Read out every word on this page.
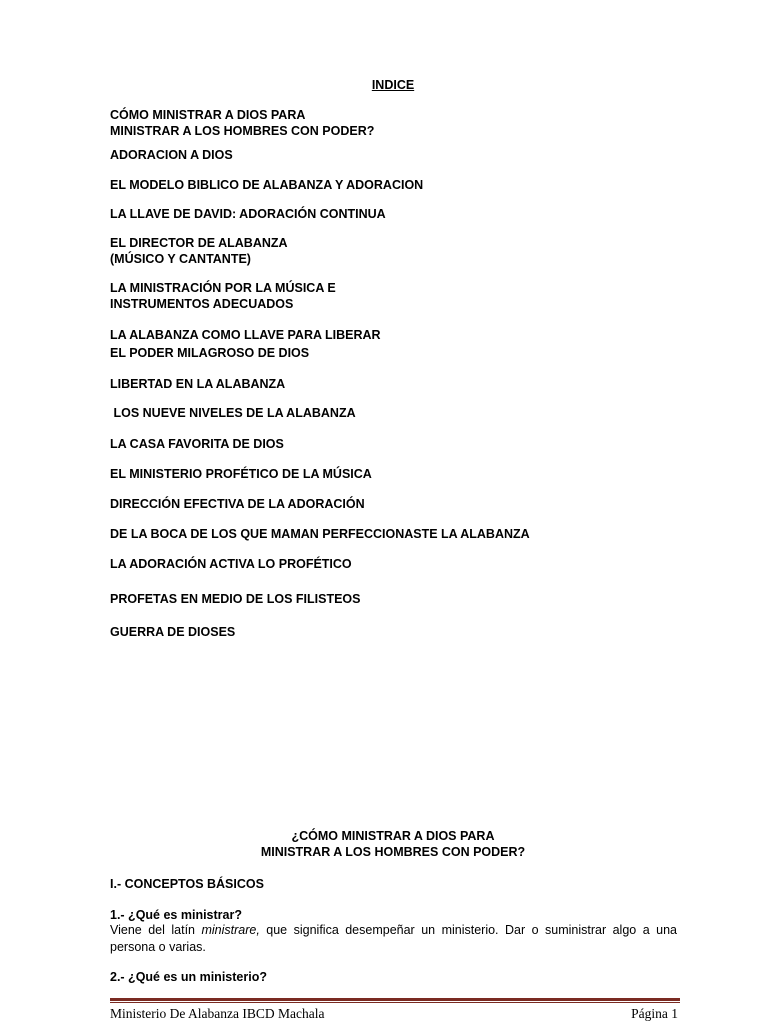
INDICE
CÓMO MINISTRAR A DIOS PARA
MINISTRAR A LOS HOMBRES CON PODER?
ADORACION A DIOS
EL MODELO BIBLICO DE ALABANZA Y ADORACION
LA LLAVE DE DAVID: ADORACIÓN CONTINUA
EL DIRECTOR DE ALABANZA
(MÚSICO Y CANTANTE)
LA MINISTRACIÓN POR LA MÚSICA E
INSTRUMENTOS ADECUADOS
LA ALABANZA COMO LLAVE PARA LIBERAR
EL PODER MILAGROSO DE DIOS
LIBERTAD EN LA ALABANZA
LOS NUEVE NIVELES DE LA ALABANZA
LA CASA FAVORITA DE DIOS
EL MINISTERIO PROFÉTICO DE LA MÚSICA
DIRECCIÓN EFECTIVA DE LA ADORACIÓN
DE LA BOCA DE LOS QUE MAMAN PERFECCIONASTE LA ALABANZA
LA ADORACIÓN ACTIVA LO PROFÉTICO
PROFETAS EN MEDIO DE LOS FILISTEOS
GUERRA DE DIOSES
¿CÓMO MINISTRAR A DIOS PARA
MINISTRAR A LOS HOMBRES CON PODER?
I.- CONCEPTOS BÁSICOS
1.- ¿Qué es ministrar?
Viene del latín ministrare, que significa desempeñar un ministerio. Dar o suministrar algo a una persona o varias.
2.- ¿Qué es un ministerio?
Ministerio De Alabanza IBCD Machala	Página 1
